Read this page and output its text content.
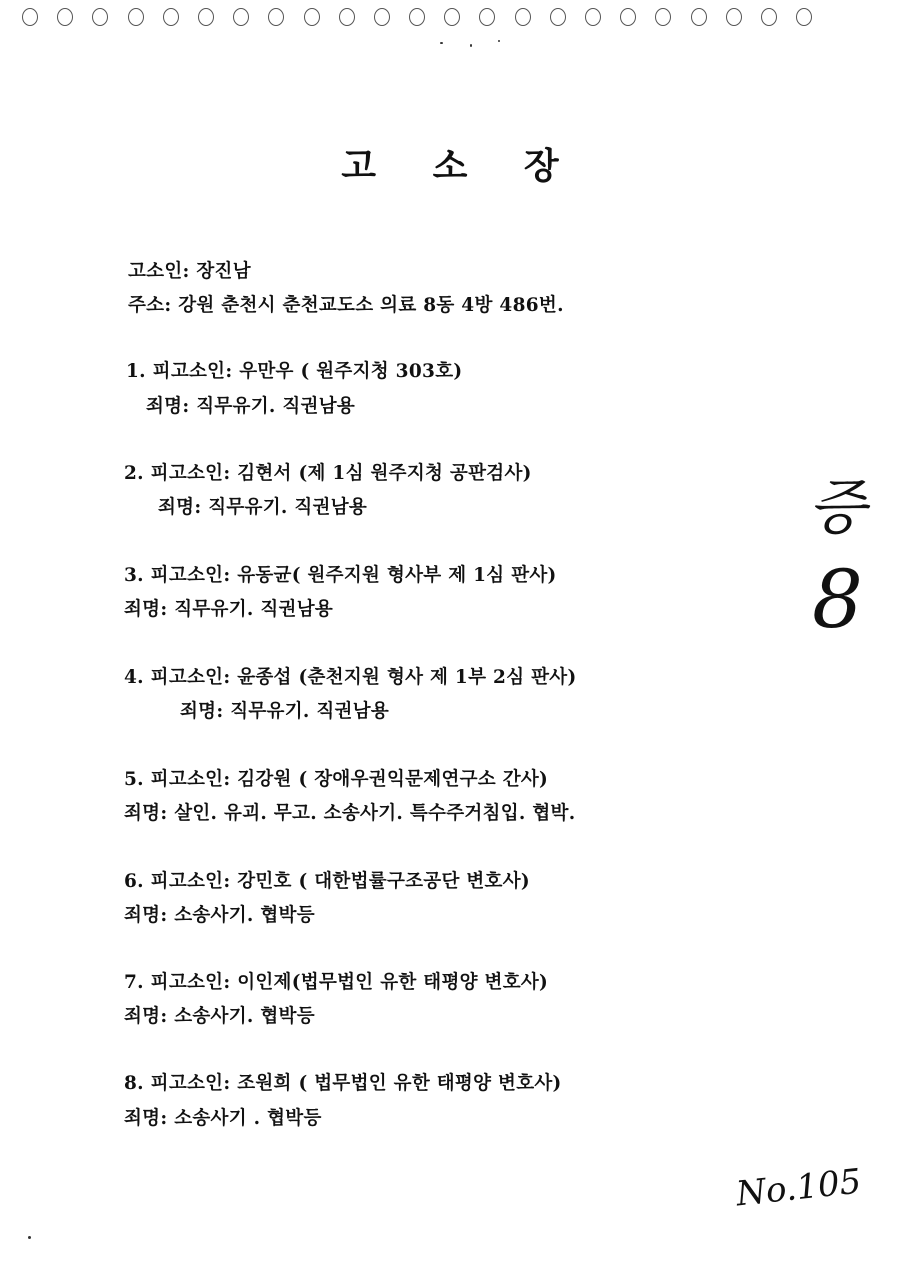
고 소 장
고소인: 장진남
주소: 강원 춘천시 춘천교도소 의료 8동 4방 486번.
1. 피고소인: 우만우 ( 원주지청 303호)
죄명: 직무유기. 직권남용
2. 피고소인: 김현서 (제 1심 원주지청 공판검사)
죄명: 직무유기. 직권남용
3. 피고소인: 유동균( 원주지원 형사부 제 1심 판사)
죄명: 직무유기. 직권남용
4. 피고소인: 윤종섭 (춘천지원 형사 제 1부 2심 판사)
죄명: 직무유기. 직권남용
5. 피고소인: 김강원 ( 장애우권익문제연구소 간사)
죄명: 살인. 유괴. 무고. 소송사기. 특수주거침입. 협박.
6. 피고소인: 강민호 ( 대한법률구조공단 변호사)
죄명: 소송사기. 협박등
7. 피고소인: 이인제(법무법인 유한 태평양 변호사)
죄명: 소송사기. 협박등
8. 피고소인: 조원희 ( 법무법인 유한 태평양 변호사)
죄명: 소송사기 . 협박등
증
8
No.105
